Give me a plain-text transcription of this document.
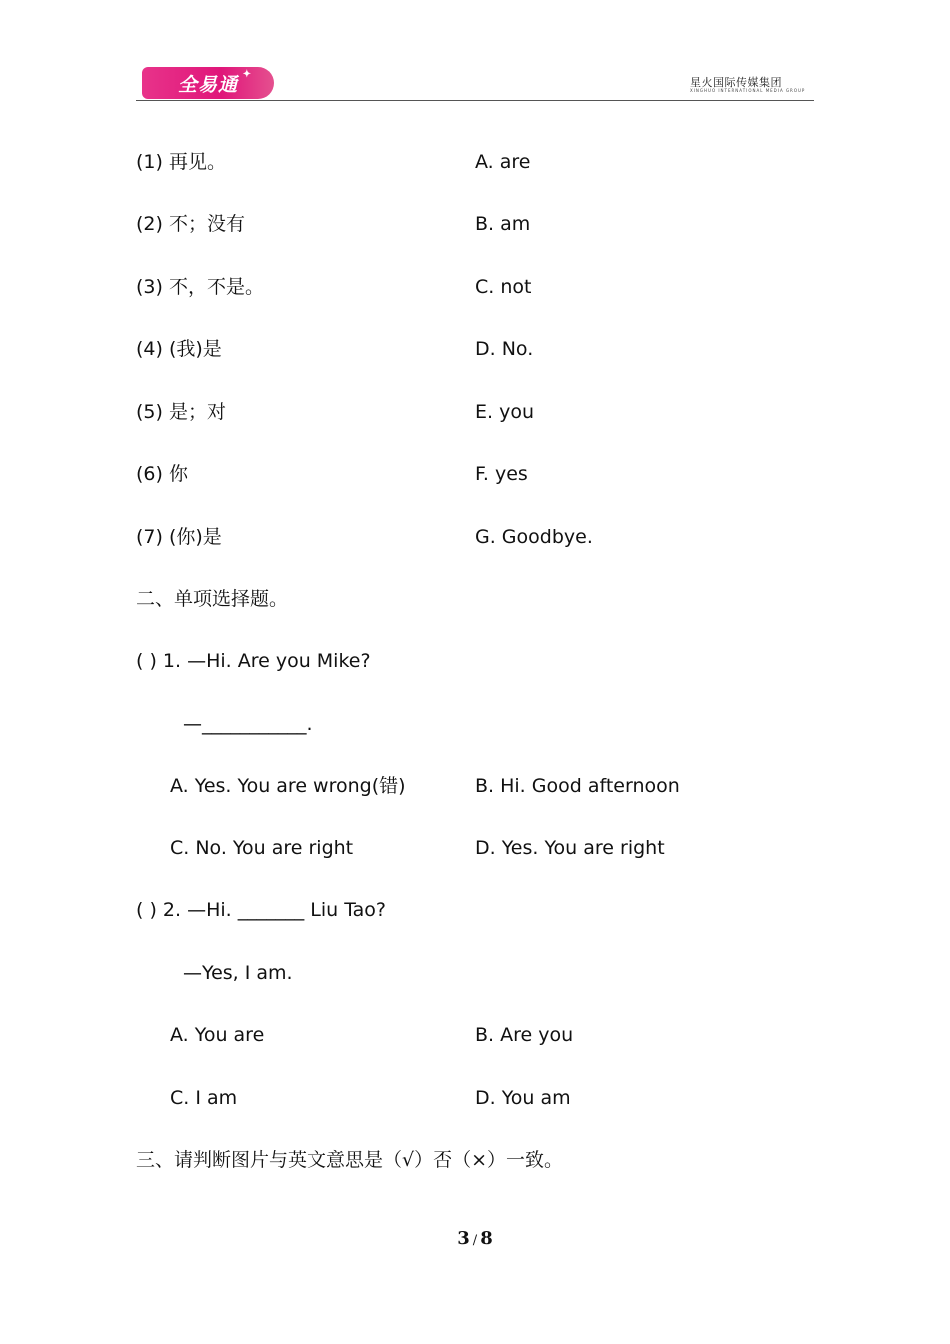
全易通 ✦
星火国际传媒集团
XINGHUO INTERNATIONAL MEDIA GROUP
(1) 再见。	A. are
(2) 不；没有	B. am
(3) 不，不是。	C. not
(4) (我)是	D. No.
(5) 是；对	E. you
(6) 你	F. yes
(7) (你)是	G. Goodbye.
二、单项选择题。
( ) 1. —Hi. Are you Mike?
—___________.
A. Yes. You are wrong(错)	B. Hi. Good afternoon
C. No. You are right	D. Yes. You are right
( ) 2. —Hi. _______ Liu Tao?
—Yes, I am.
A. You are	B. Are you
C. I am	D. You am
三、请判断图片与英文意思是（√）否（×）一致。
3 / 8
